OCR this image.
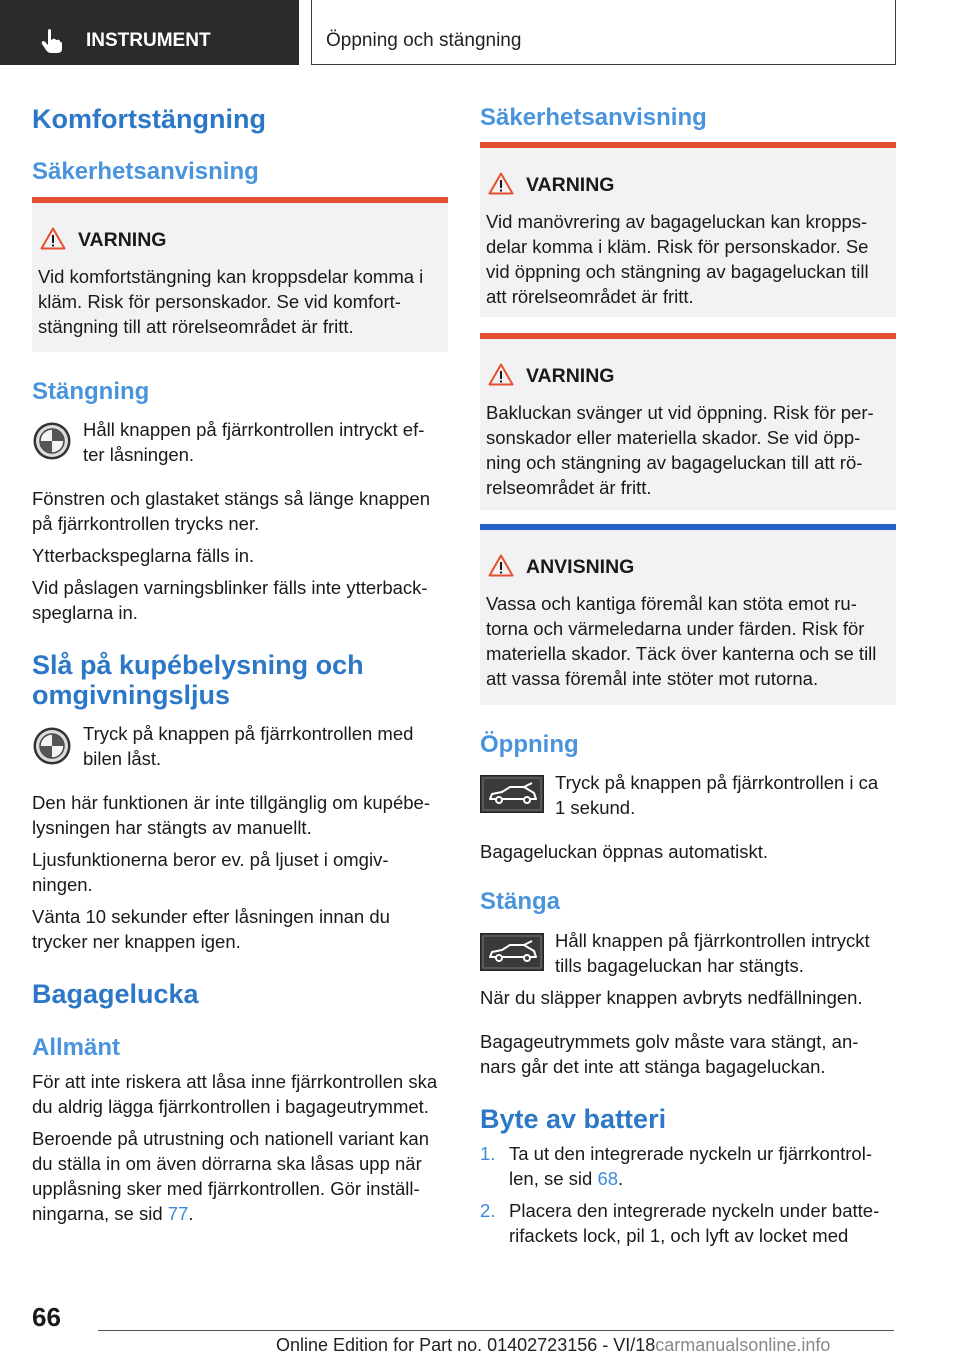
INSTRUMENT	Öppning och stängning
Komfortstängning
Säkerhetsanvisning
VARNING
Vid komfortstängning kan kroppsdelar komma i
kläm. Risk för personskador. Se vid komfort-
stängning till att rörelseområdet är fritt.
Stängning
Håll knappen på fjärrkontrollen intryckt ef-
ter låsningen.
Fönstren och glastaket stängs så länge knappen
på fjärrkontrollen trycks ner.
Ytterbackspeglarna fälls in.
Vid påslagen varningsblinker fälls inte ytterback-
speglarna in.
Slå på kupébelysning och
omgivningsljus
Tryck på knappen på fjärrkontrollen med
bilen låst.
Den här funktionen är inte tillgänglig om kupébe-
lysningen har stängts av manuellt.
Ljusfunktionerna beror ev. på ljuset i omgiv-
ningen.
Vänta 10 sekunder efter låsningen innan du
trycker ner knappen igen.
Bagagelucka
Allmänt
För att inte riskera att låsa inne fjärrkontrollen ska
du aldrig lägga fjärrkontrollen i bagageutrymmet.
Beroende på utrustning och nationell variant kan
du ställa in om även dörrarna ska låsas upp när
upplåsning sker med fjärrkontrollen. Gör inställ-
ningarna, se sid 77.
Säkerhetsanvisning
VARNING
Vid manövrering av bagageluckan kan kropps-
delar komma i kläm. Risk för personskador. Se
vid öppning och stängning av bagageluckan till
att rörelseområdet är fritt.
VARNING
Bakluckan svänger ut vid öppning. Risk för per-
sonskador eller materiella skador. Se vid öpp-
ning och stängning av bagageluckan till att rö-
relseområdet är fritt.
ANVISNING
Vassa och kantiga föremål kan stöta emot ru-
torna och värmeledarna under färden. Risk för
materiella skador. Täck över kanterna och se till
att vassa föremål inte stöter mot rutorna.
Öppning
Tryck på knappen på fjärrkontrollen i ca
1 sekund.
Bagageluckan öppnas automatiskt.
Stänga
Håll knappen på fjärrkontrollen intryckt
tills bagageluckan har stängts.
När du släpper knappen avbryts nedfällningen.
Bagageutrymmets golv måste vara stängt, an-
nars går det inte att stänga bagageluckan.
Byte av batteri
1. Ta ut den integrerade nyckeln ur fjärrkontrol-
len, se sid 68.
2. Placera den integrerade nyckeln under batte-
rifackets lock, pil 1, och lyft av locket med
66
Online Edition for Part no. 01402723156 - VI/18carmanualsonline.info
